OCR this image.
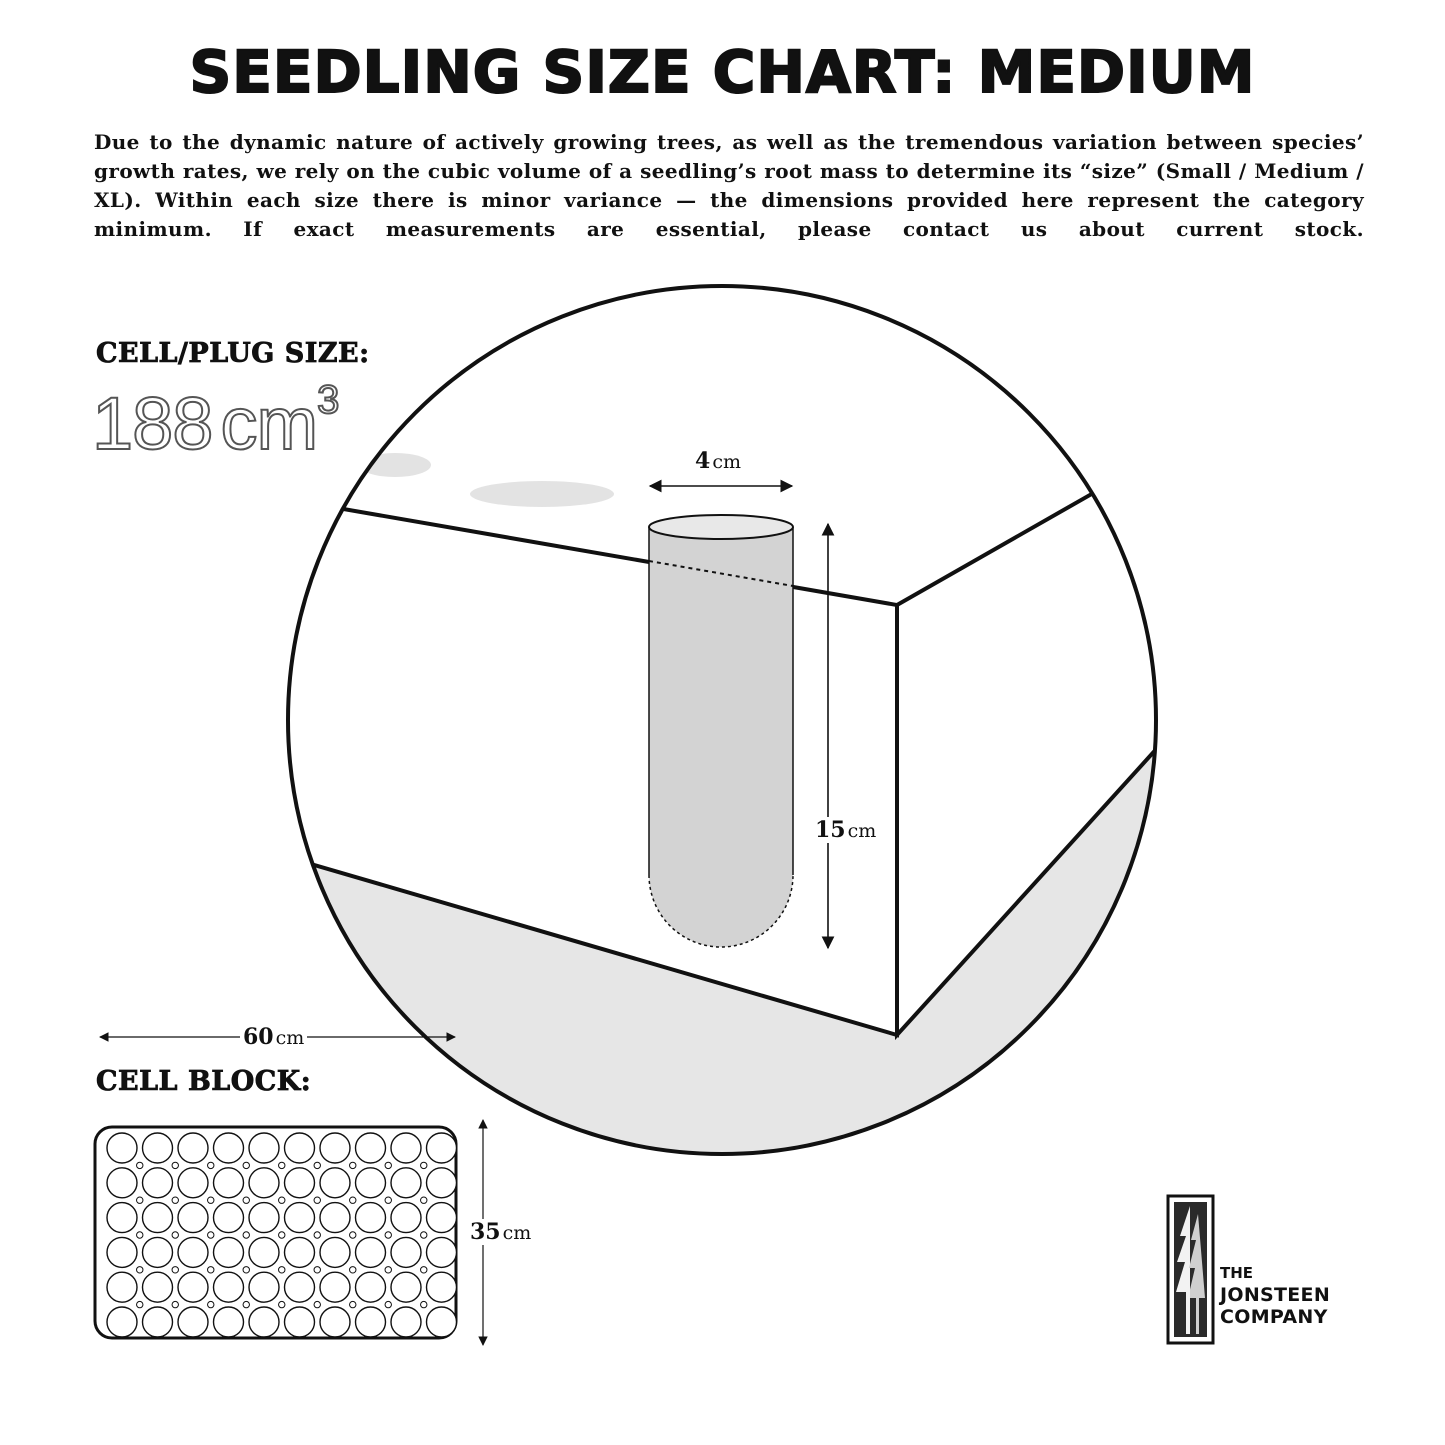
SEEDLING SIZE CHART: MEDIUM

Due to the dynamic nature of actively growing trees, as well as the tremendous variation between species’ growth rates, we rely on the cubic volume of a seedling’s root mass to determine its “size” (Small / Medium / XL). Within each size there is minor variance — the dimensions provided here represent the category minimum. If exact measurements are essential, please contact us about current stock.

CELL/PLUG SIZE:
188 $cm^3$
60 cm
35 cm
4 cm
15 cm
CELL BLOCK:
THE
JONSTEEN
COMPANY
